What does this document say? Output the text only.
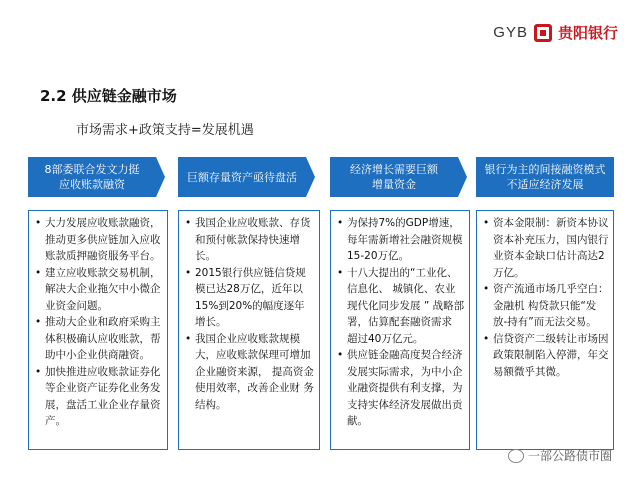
GYB 贵阳银行
2.2 供应链金融市场
市场需求+政策支持=发展机遇
8部委联合发文力挺
应收账款融资
巨额存量资产亟待盘活
经济增长需要巨额
增量资金
银行为主的间接融资模式
不适应经济发展
• 大力发展应收账款融资，推动更多供应链加入应收账款质押融资服务平台。
• 建立应收账款交易机制，解决大企业拖欠中小微企业资金问题。
• 推动大企业和政府采购主体积极确认应收账款，帮助中小企业供商融资。
• 加快推进应收账款证券化等企业资产证券化业务发展，盘活工业企业存量资产。
• 我国企业应收账款、存货和预付帐款保持快速增长。
• 2015银行供应链信贷规模已达28万亿，近年以15%到20%的幅度逐年增长。
• 我国企业应收账款规模大，应收账款保理可增加企业融资来源， 提高资金使用效率，改善企业财 务结构。
• 为保持7%的GDP增速，每年需新增社会融资规模15-20万亿。
• 十八大提出的“工业化、信息化、 城镇化、农业现代化同步发展 ” 战略部署，估算配套融资需求 超过40万亿元。
• 供应链金融高度契合经济发展实际需求，为中小企业融资提供有利支撑，为支持实体经济发展做出贡献。
• 资本金限制：新资本协议资本补充压力，国内银行业资本金缺口估计高达2万亿。
• 资产流通市场几乎空白：金融机 构贷款只能“发放-持有”而无法交易。
• 信贷资产二级转让市场因政策限制陷入停滞，年交易额微乎其微。
一部公路债市圈
